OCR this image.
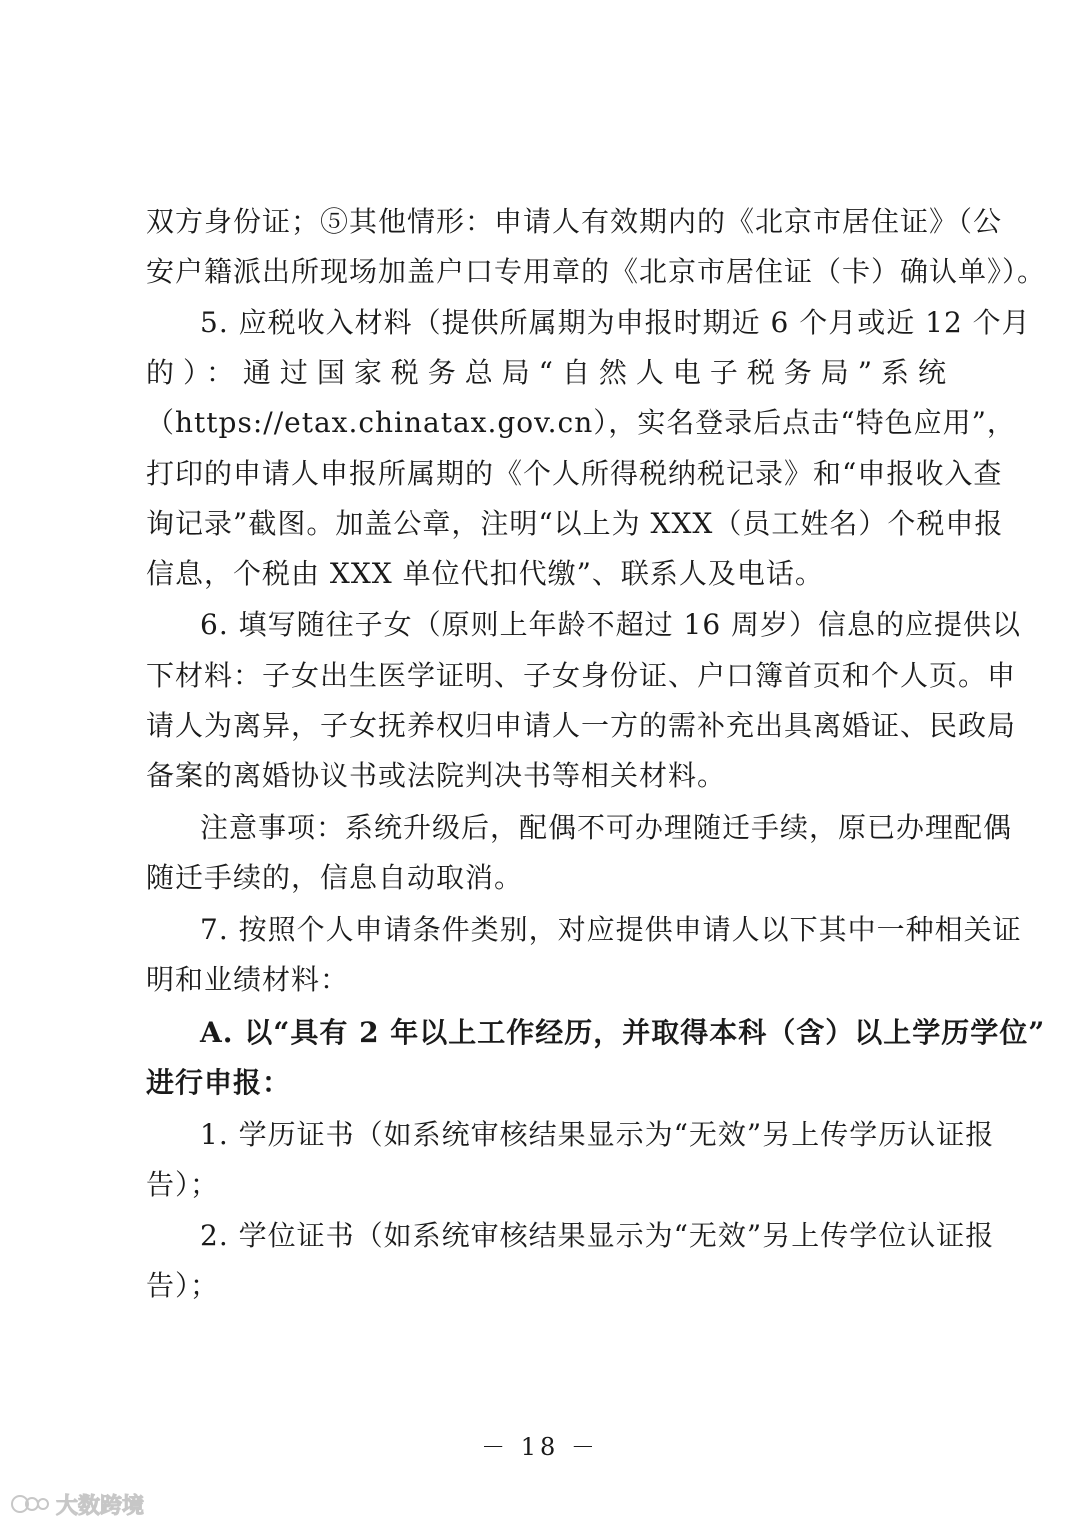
双方身份证；⑤其他情形：申请人有效期内的《北京市居住证》（公
安户籍派出所现场加盖户口专用章的《北京市居住证（卡）确认单》）。
5. 应税收入材料（提供所属期为申报时期近 6 个月或近 12 个月
的）：通过国家税务总局“自然人电子税务局”系统
（https://etax.chinatax.gov.cn），实名登录后点击“特色应用”，
打印的申请人申报所属期的《个人所得税纳税记录》和“申报收入查
询记录”截图。加盖公章，注明“以上为 XXX（员工姓名）个税申报
信息，个税由 XXX 单位代扣代缴”、联系人及电话。
6. 填写随往子女（原则上年龄不超过 16 周岁）信息的应提供以
下材料：子女出生医学证明、子女身份证、户口簿首页和个人页。申
请人为离异，子女抚养权归申请人一方的需补充出具离婚证、民政局
备案的离婚协议书或法院判决书等相关材料。
注意事项：系统升级后，配偶不可办理随迁手续，原已办理配偶
随迁手续的，信息自动取消。
7. 按照个人申请条件类别，对应提供申请人以下其中一种相关证
明和业绩材料：
A. 以“具有 2 年以上工作经历，并取得本科（含）以上学历学位”
进行申报：
1. 学历证书（如系统审核结果显示为“无效”另上传学历认证报
告）；
2. 学位证书（如系统审核结果显示为“无效”另上传学位认证报
告）；
－ 18 －
大数跨境
